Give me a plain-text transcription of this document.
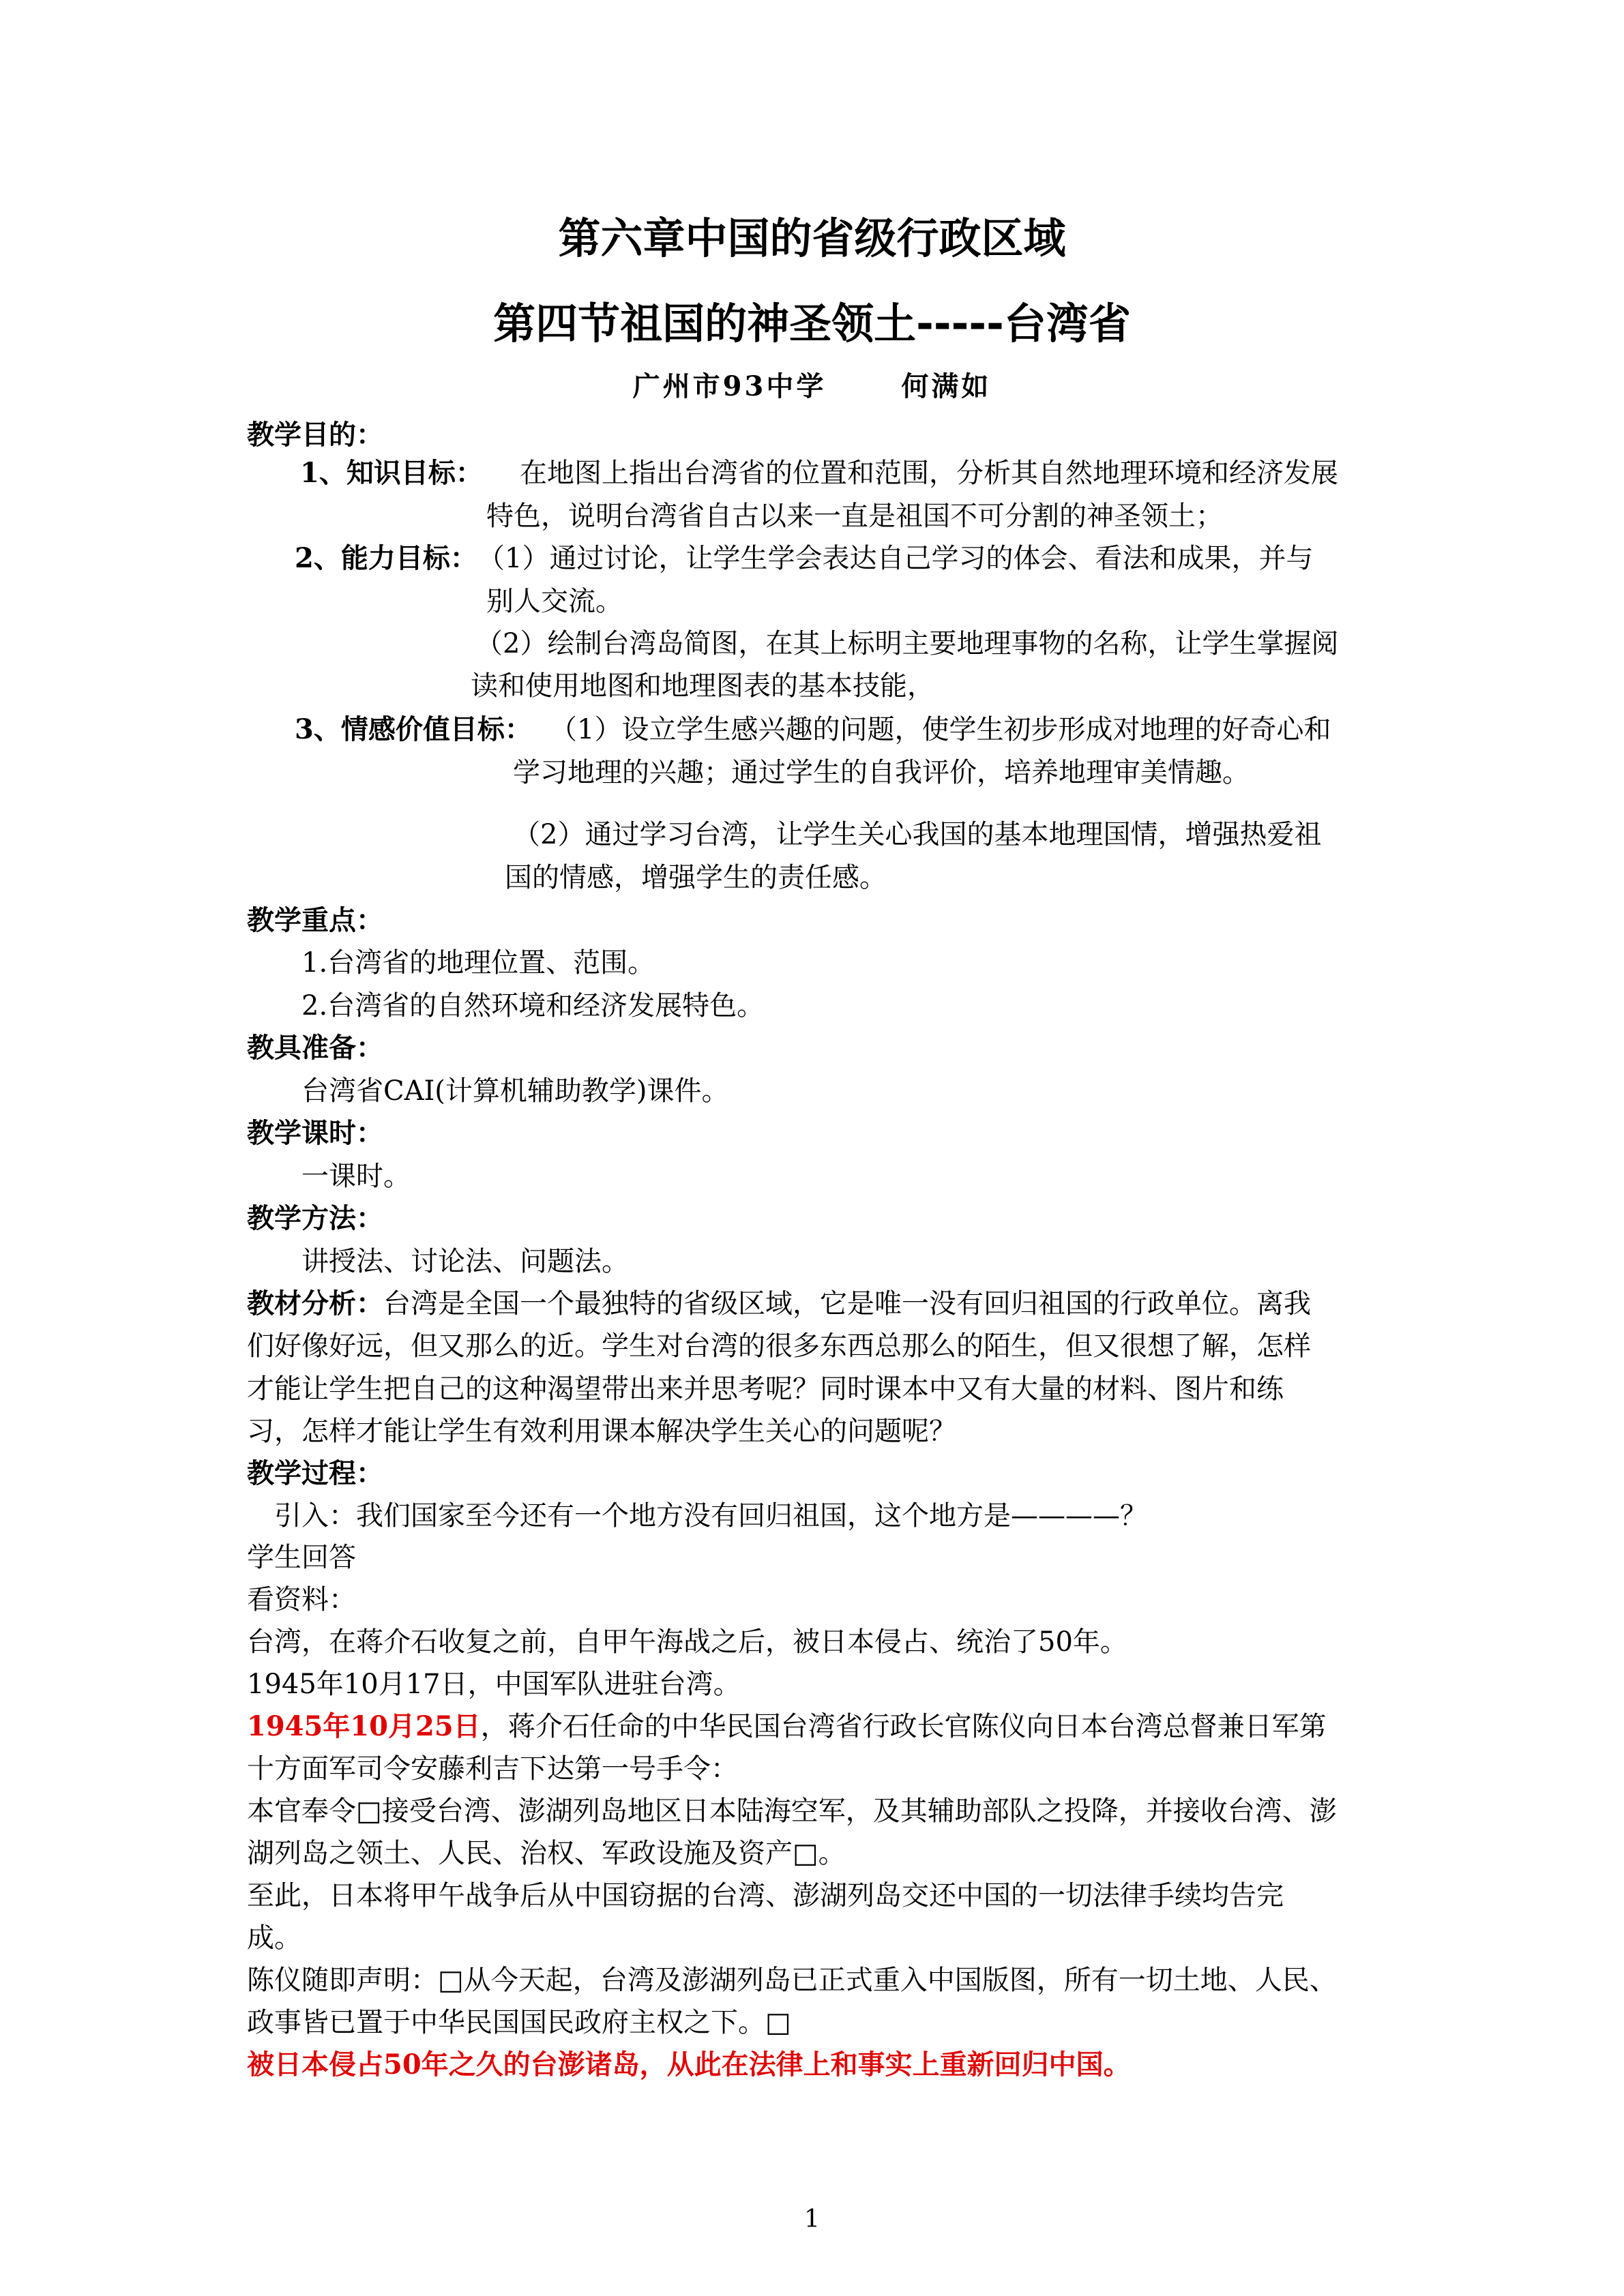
第六章中国的省级行政区域
第四节祖国的神圣领土-----台湾省
广州市93中学	何满如
教学目的：
1、知识目标： 在地图上指出台湾省的位置和范围，分析其自然地理环境和经济发展
特色，说明台湾省自古以来一直是祖国不可分割的神圣领土；
2、能力目标： （1）通过讨论，让学生学会表达自己学习的体会、看法和成果，并与
别人交流。
（2）绘制台湾岛简图，在其上标明主要地理事物的名称，让学生掌握阅
读和使用地图和地理图表的基本技能，
3、情感价值目标： （1）设立学生感兴趣的问题，使学生初步形成对地理的好奇心和
学习地理的兴趣；通过学生的自我评价，培养地理审美情趣。
（2）通过学习台湾，让学生关心我国的基本地理国情，增强热爱祖
国的情感，增强学生的责任感。
教学重点：
1.台湾省的地理位置、范围。
2.台湾省的自然环境和经济发展特色。
教具准备：
台湾省CAI(计算机辅助教学)课件。
教学课时：
一课时。
教学方法：
讲授法、讨论法、问题法。
教材分析：台湾是全国一个最独特的省级区域，它是唯一没有回归祖国的行政单位。离我
们好像好远，但又那么的近。学生对台湾的很多东西总那么的陌生，但又很想了解，怎样
才能让学生把自己的这种渴望带出来并思考呢？同时课本中又有大量的材料、图片和练
习，怎样才能让学生有效利用课本解决学生关心的问题呢？
教学过程：
引入：我们国家至今还有一个地方没有回归祖国，这个地方是————？
学生回答
看资料：
台湾，在蒋介石收复之前，自甲午海战之后，被日本侵占、统治了50年。
1945年10月17日，中国军队进驻台湾。
1945年10月25日，蒋介石任命的中华民国台湾省行政长官陈仪向日本台湾总督兼日军第
十方面军司令安藤利吉下达第一号手令：
本官奉令□接受台湾、澎湖列岛地区日本陆海空军，及其辅助部队之投降，并接收台湾、澎
湖列岛之领土、人民、治权、军政设施及资产□。
至此，日本将甲午战争后从中国窃据的台湾、澎湖列岛交还中国的一切法律手续均告完
成。
陈仪随即声明：□从今天起，台湾及澎湖列岛已正式重入中国版图，所有一切土地、人民、
政事皆已置于中华民国国民政府主权之下。□
被日本侵占50年之久的台澎诸岛，从此在法律上和事实上重新回归中国。
1
